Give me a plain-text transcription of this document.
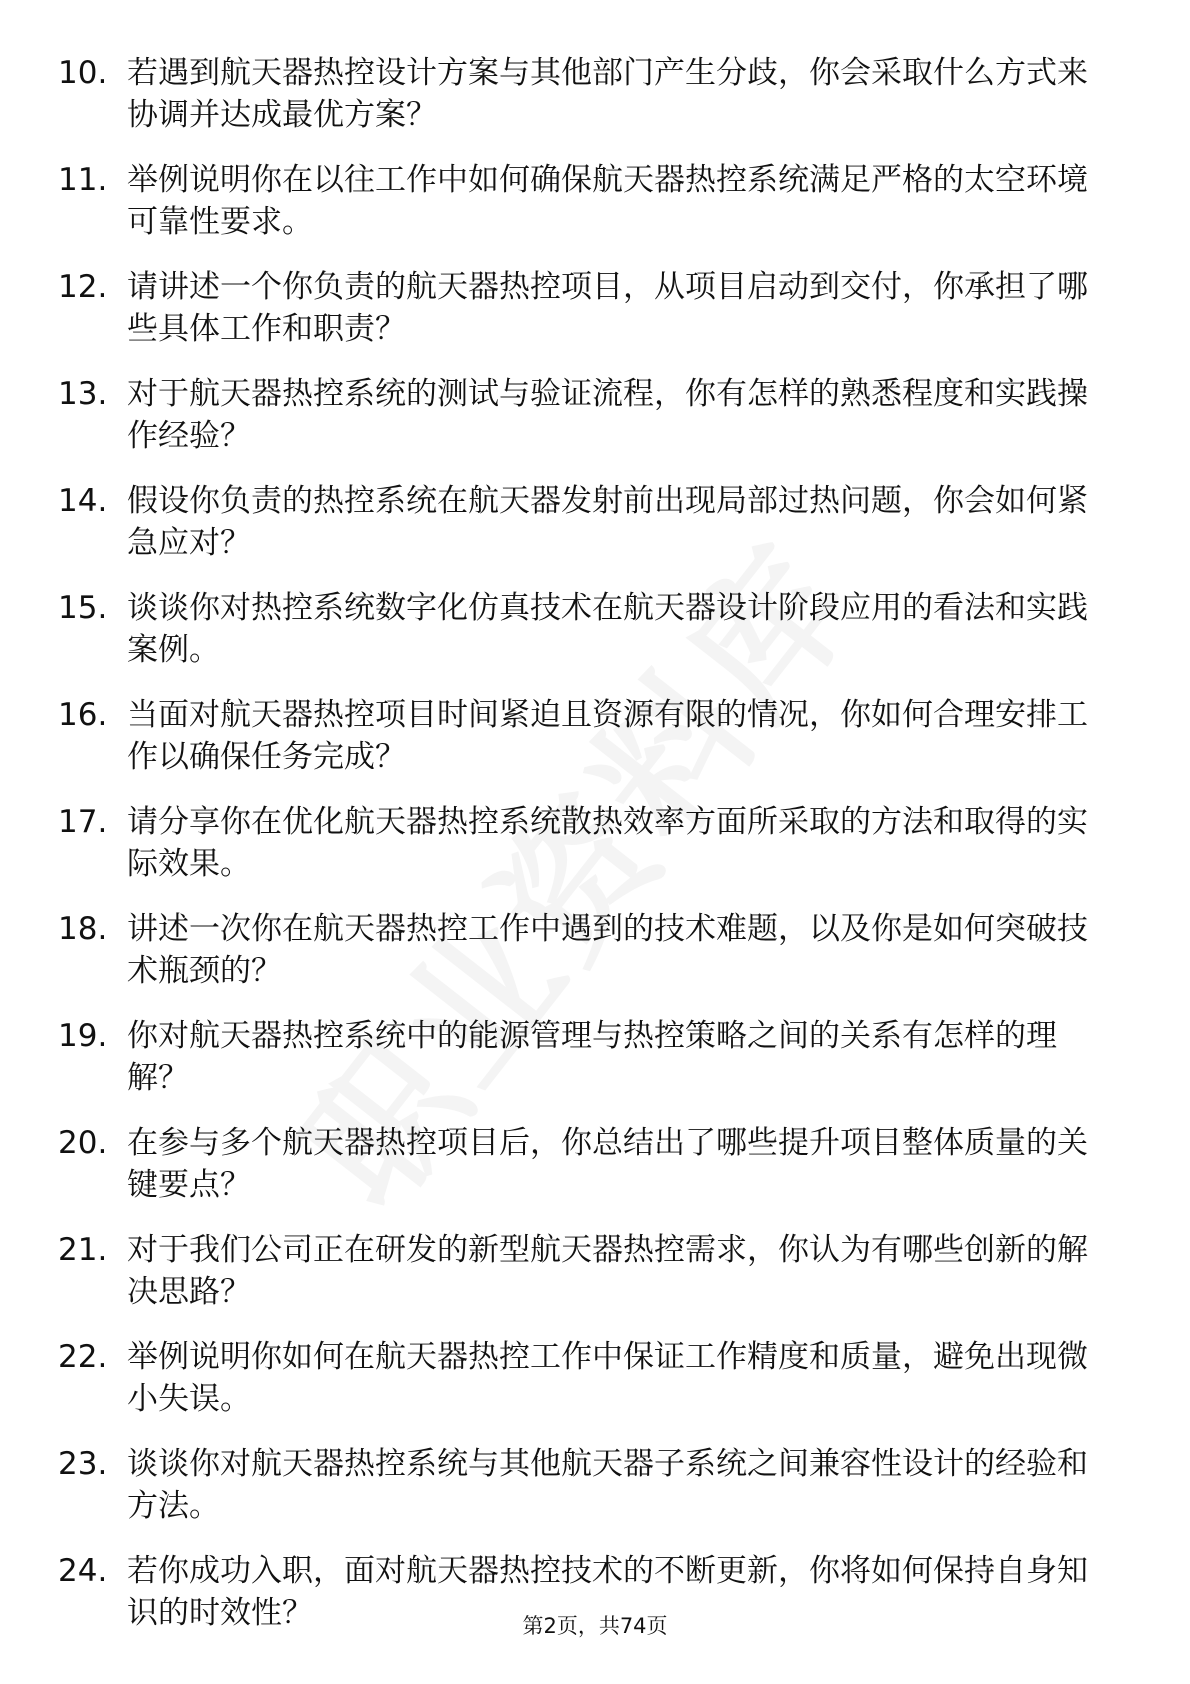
10. 若遇到航天器热控设计方案与其他部门产生分歧，你会采取什么方式来协调并达成最优方案？
11. 举例说明你在以往工作中如何确保航天器热控系统满足严格的太空环境可靠性要求。
12. 请讲述一个你负责的航天器热控项目，从项目启动到交付，你承担了哪些具体工作和职责？
13. 对于航天器热控系统的测试与验证流程，你有怎样的熟悉程度和实践操作经验？
14. 假设你负责的热控系统在航天器发射前出现局部过热问题，你会如何紧急应对？
15. 谈谈你对热控系统数字化仿真技术在航天器设计阶段应用的看法和实践案例。
16. 当面对航天器热控项目时间紧迫且资源有限的情况，你如何合理安排工作以确保任务完成？
17. 请分享你在优化航天器热控系统散热效率方面所采取的方法和取得的实际效果。
18. 讲述一次你在航天器热控工作中遇到的技术难题，以及你是如何突破技术瓶颈的？
19. 你对航天器热控系统中的能源管理与热控策略之间的关系有怎样的理解？
20. 在参与多个航天器热控项目后，你总结出了哪些提升项目整体质量的关键要点？
21. 对于我们公司正在研发的新型航天器热控需求，你认为有哪些创新的解决思路？
22. 举例说明你如何在航天器热控工作中保证工作精度和质量，避免出现微小失误。
23. 谈谈你对航天器热控系统与其他航天器子系统之间兼容性设计的经验和方法。
24. 若你成功入职，面对航天器热控技术的不断更新，你将如何保持自身知识的时效性？	第2页，共74页
